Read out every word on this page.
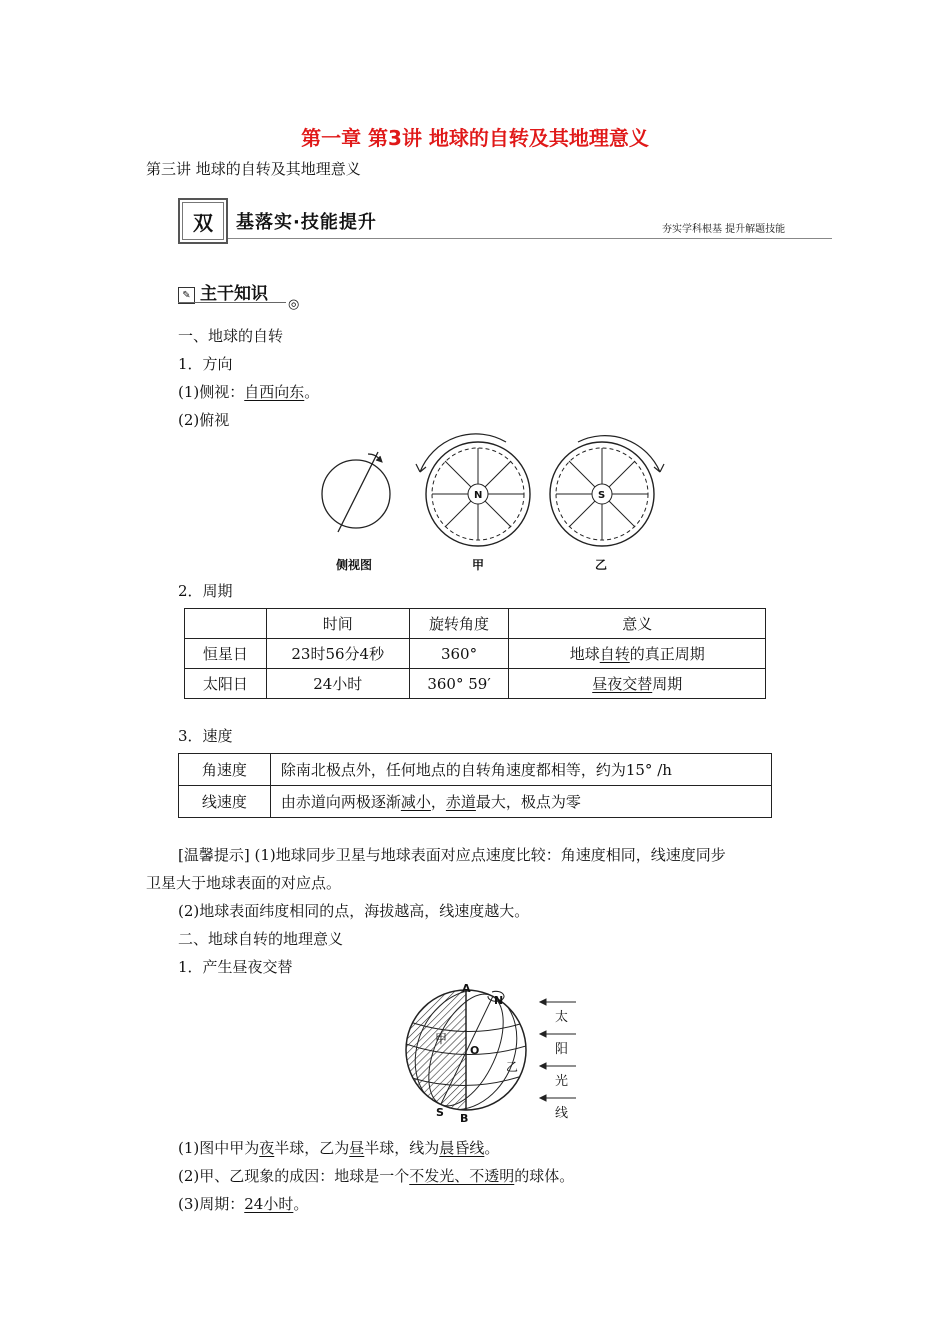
第一章 第3讲 地球的自转及其地理意义
第三讲 地球的自转及其地理意义
双	基落实·技能提升	夯实学科根基 提升解题技能
✎ 主干知识
◎
一、地球的自转
1．方向
(1)侧视：自西向东。
(2)俯视
N	S
侧视图	甲	乙
2．周期
	时间	旋转角度	意义
恒星日	23时56分4秒	360°	地球自转的真正周期
太阳日	24小时	360° 59′	昼夜交替周期
3．速度
角速度	除南北极点外，任何地点的自转角速度都相等，约为15° /h
线速度	由赤道向两极逐渐减小，赤道最大，极点为零
[温馨提示] (1)地球同步卫星与地球表面对应点速度比较：角速度相同，线速度同步
卫星大于地球表面的对应点。
(2)地球表面纬度相同的点，海拔越高，线速度越大。
二、地球自转的地理意义
1．产生昼夜交替
A
N
甲
O
乙
S B
太
阳
光
线
(1)图中甲为夜半球，乙为昼半球，线为晨昏线。
(2)甲、乙现象的成因：地球是一个不发光、不透明的球体。
(3)周期：24小时。
